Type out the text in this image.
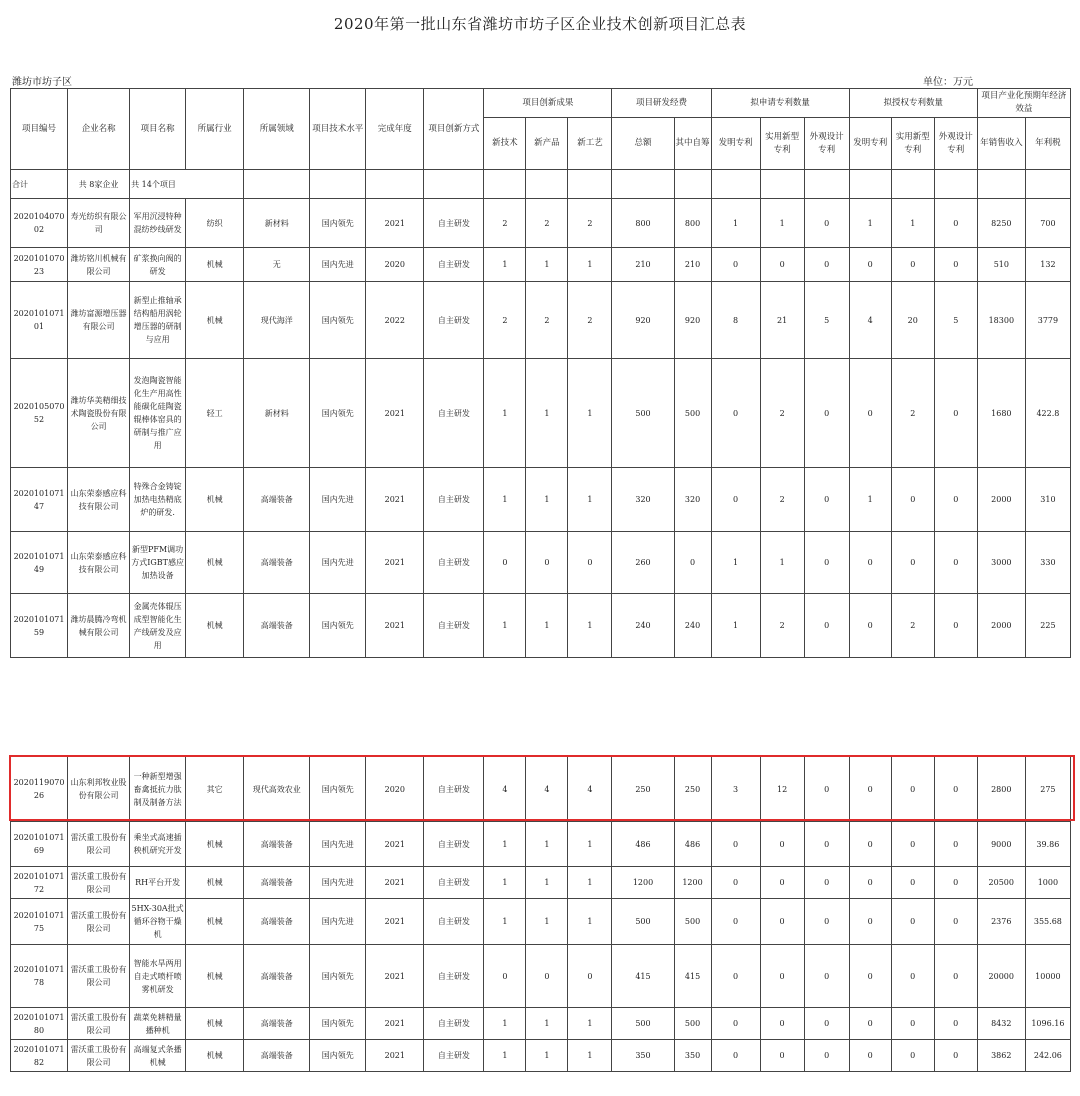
2020年第一批山东省潍坊市坊子区企业技术创新项目汇总表
潍坊市坊子区	单位：万元
项目编号	企业名称	项目名称	所属行业	所属领域	项目技术水平	完成年度	项目创新方式	项目创新成果			项目研发经费		拟申请专利数量			拟授权专利数量			项目产业化预期年经济效益	
								新技术	新产品	新工艺	总额	其中自筹	发明专利	实用新型专利	外观设计专利	发明专利	实用新型专利	外观设计专利	年销售收入	年利税
合计	共 8家企业	共 14个项目																		
2020104070 02	寿光纺织有限公司	军用沉浸特种混纺纱线研发	纺织	新材料	国内领先	2021	自主研发	2	2	2	800	800	1	1	0	1	1	0	8250	700
2020101070 23	潍坊铭川机械有限公司	矿浆换向阀的研发	机械	无	国内先进	2020	自主研发	1	1	1	210	210	0	0	0	0	0	0	510	132
2020101071 01	潍坊富源增压器有限公司	新型止推轴承结构船用涡轮增压器的研制与应用	机械	现代海洋	国内领先	2022	自主研发	2	2	2	920	920	8	21	5	4	20	5	18300	3779
2020105070 52	潍坊华美精细技术陶瓷股份有限公司	发泡陶瓷智能化生产用高性能碳化硅陶瓷辊棒体窑具的研制与推广应用	轻工	新材料	国内领先	2021	自主研发	1	1	1	500	500	0	2	0	0	2	0	1680	422.8
2020101071 47	山东荣泰感应科技有限公司	特殊合金铸锭加热电热精底炉的研发.	机械	高端装备	国内先进	2021	自主研发	1	1	1	320	320	0	2	0	1	0	0	2000	310
2020101071 49	山东荣泰感应科技有限公司	新型PFM调功方式IGBT感应加热设备	机械	高端装备	国内先进	2021	自主研发	0	0	0	260	0	1	1	0	0	0	0	3000	330
2020101071 59	潍坊晨腾冷弯机械有限公司	金属壳体辊压成型智能化生产线研发及应用	机械	高端装备	国内领先	2021	自主研发	1	1	1	240	240	1	2	0	0	2	0	2000	225
2020119070 26	山东利邦牧业股份有限公司	一种新型增强畜禽抵抗力肽制及制备方法	其它	现代高效农业	国内领先	2020	自主研发	4	4	4	250	250	3	12	0	0	0	0	2800	275
2020101071 69	雷沃重工股份有限公司	乘坐式高速插秧机研究开发	机械	高端装备	国内先进	2021	自主研发	1	1	1	486	486	0	0	0	0	0	0	9000	39.86
2020101071 72	雷沃重工股份有限公司	RH平台开发	机械	高端装备	国内先进	2021	自主研发	1	1	1	1200	1200	0	0	0	0	0	0	20500	1000
2020101071 75	雷沃重工股份有限公司	5HX-30A批式循环谷物干燥机	机械	高端装备	国内先进	2021	自主研发	1	1	1	500	500	0	0	0	0	0	0	2376	355.68
2020101071 78	雷沃重工股份有限公司	智能水旱两用自走式喷杆喷雾机研发	机械	高端装备	国内领先	2021	自主研发	0	0	0	415	415	0	0	0	0	0	0	20000	10000
2020101071 80	雷沃重工股份有限公司	蔬菜免耕精量播种机	机械	高端装备	国内领先	2021	自主研发	1	1	1	500	500	0	0	0	0	0	0	8432	1096.16
2020101071 82	雷沃重工股份有限公司	高端复式条播机械	机械	高端装备	国内领先	2021	自主研发	1	1	1	350	350	0	0	0	0	0	0	3862	242.06
